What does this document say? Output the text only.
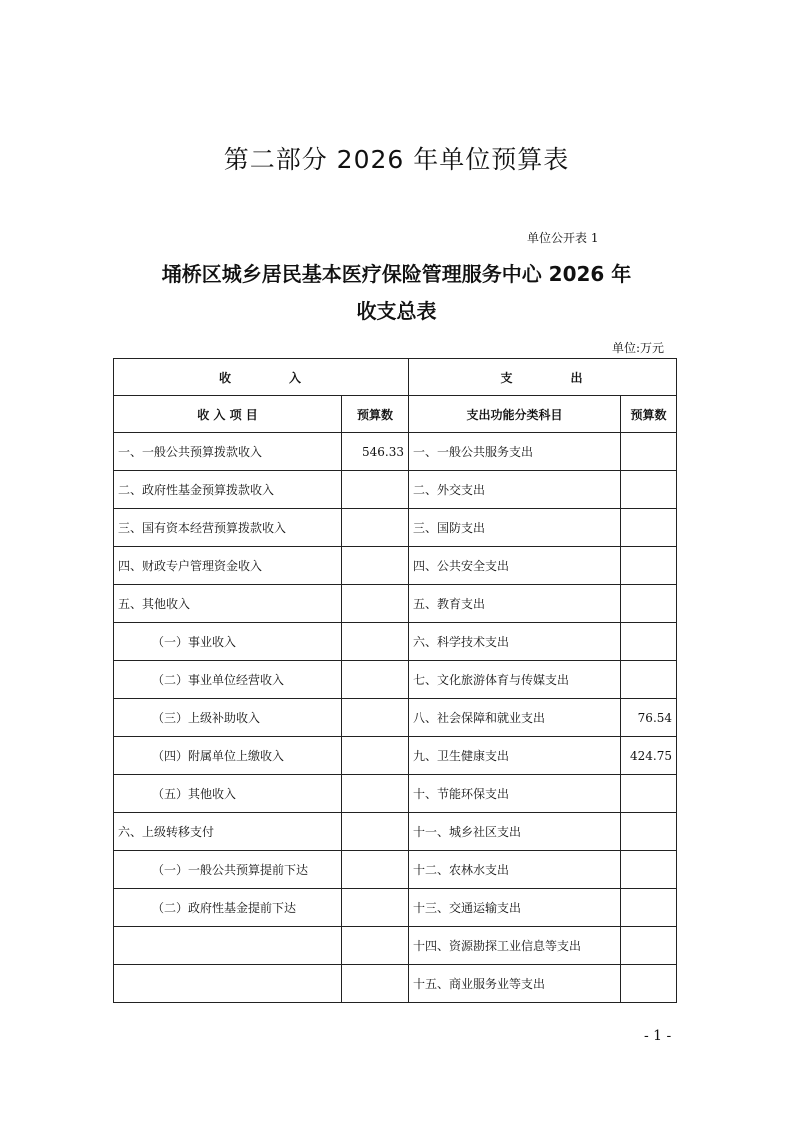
第二部分 2026 年单位预算表
单位公开表 1
埇桥区城乡居民基本医疗保险管理服务中心 2026 年
收支总表
单位:万元
收　　　　入		支　　　　出	
收 入 项 目	预算数	支出功能分类科目	预算数
一、一般公共预算拨款收入	546.33	一、一般公共服务支出	
二、政府性基金预算拨款收入		二、外交支出	
三、国有资本经营预算拨款收入		三、国防支出	
四、财政专户管理资金收入		四、公共安全支出	
五、其他收入		五、教育支出	
（一）事业收入		六、科学技术支出	
（二）事业单位经营收入		七、文化旅游体育与传媒支出	
（三）上级补助收入		八、社会保障和就业支出	76.54
（四）附属单位上缴收入		九、卫生健康支出	424.75
（五）其他收入		十、节能环保支出	
六、上级转移支付		十一、城乡社区支出	
（一）一般公共预算提前下达		十二、农林水支出	
（二）政府性基金提前下达		十三、交通运输支出	
		十四、资源勘探工业信息等支出	
		十五、商业服务业等支出	
- 1 -
